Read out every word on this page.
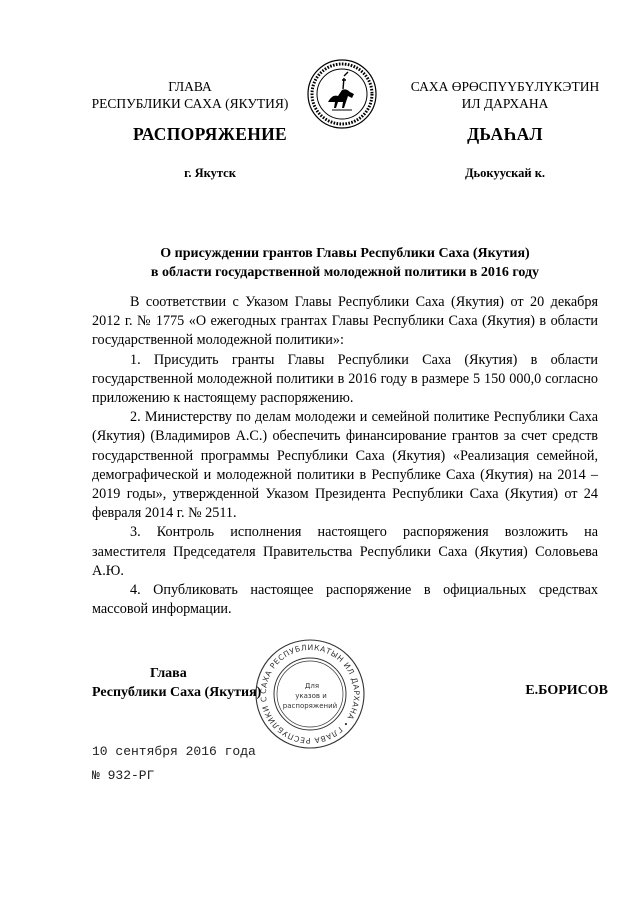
ГЛАВА
РЕСПУБЛИКИ САХА (ЯКУТИЯ)
САХА ӨРӨСПҮҮБҮЛҮКЭТИН
ИЛ ДАРХАНА
РАСПОРЯЖЕНИЕ	ДЬАҺАЛ
г. Якутск	Дьокуускай к.
О присуждении грантов Главы Республики Саха (Якутия)
в области государственной молодежной политики в 2016 году

В соответствии с Указом Главы Республики Саха (Якутия) от 20 декабря 2012 г. № 1775 «О ежегодных грантах Главы Республики Саха (Якутия) в области государственной молодежной политики»:

1. Присудить гранты Главы Республики Саха (Якутия) в области государственной молодежной политики в 2016 году в размере 5 150 000,0 согласно приложению к настоящему распоряжению.

2. Министерству по делам молодежи и семейной политике Республики Саха (Якутия) (Владимиров А.С.) обеспечить финансирование грантов за счет средств государственной программы Республики Саха (Якутия) «Реализация семейной, демографической и молодежной политики в Республике Саха (Якутия) на 2014 – 2019 годы», утвержденной Указом Президента Республики Саха (Якутия) от 24 февраля 2014 г. № 2511.

3. Контроль исполнения настоящего распоряжения возложить на заместителя Председателя Правительства Республики Саха (Якутия) Соловьева А.Ю.

4. Опубликовать настоящее распоряжение в официальных средствах массовой информации.

САХА РЕСПУБЛИКАТЫН ИЛ ДАРХАНА • ГЛАВА РЕСПУБЛИКИ С
Для
указов и
распоряжений
Глава
Республики Саха (Якутия)	Е.БОРИСОВ
10 сентября 2016 года
№ 932-РГ
